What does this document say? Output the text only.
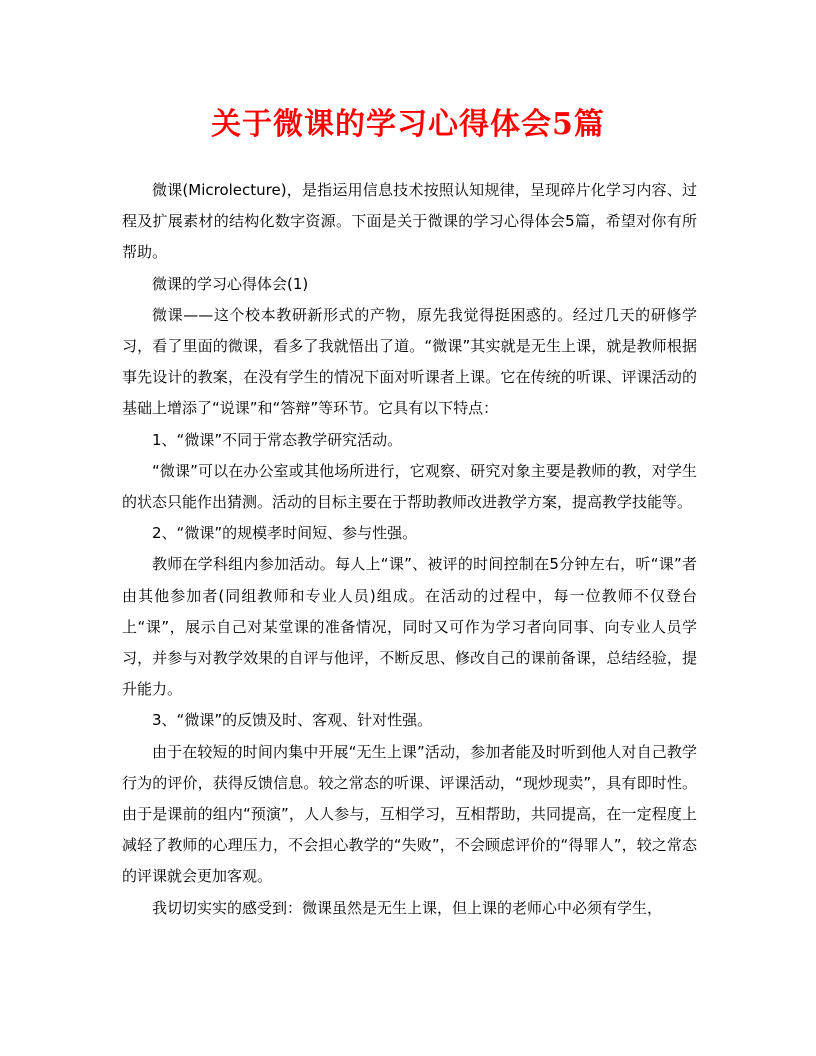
关于微课的学习心得体会5篇

微课(Microlecture)，是指运用信息技术按照认知规律，呈现碎片化学习内容、过程及扩展素材的结构化数字资源。下面是关于微课的学习心得体会5篇，希望对你有所帮助。

微课的学习心得体会(1)

微课——这个校本教研新形式的产物，原先我觉得挺困惑的。经过几天的研修学习，看了里面的微课，看多了我就悟出了道。“微课”其实就是无生上课，就是教师根据事先设计的教案，在没有学生的情况下面对听课者上课。它在传统的听课、评课活动的基础上增添了“说课”和“答辩”等环节。它具有以下特点：

1、“微课”不同于常态教学研究活动。

“微课”可以在办公室或其他场所进行，它观察、研究对象主要是教师的教，对学生的状态只能作出猜测。活动的目标主要在于帮助教师改进教学方案，提高教学技能等。

2、“微课”的规模孝时间短、参与性强。

教师在学科组内参加活动。每人上“课”、被评的时间控制在5分钟左右，听“课”者由其他参加者(同组教师和专业人员)组成。在活动的过程中，每一位教师不仅登台上“课”，展示自己对某堂课的准备情况，同时又可作为学习者向同事、向专业人员学习，并参与对教学效果的自评与他评，不断反思、修改自己的课前备课，总结经验，提升能力。

3、“微课”的反馈及时、客观、针对性强。

由于在较短的时间内集中开展“无生上课”活动，参加者能及时听到他人对自己教学行为的评价，获得反馈信息。较之常态的听课、评课活动，“现炒现卖”，具有即时性。由于是课前的组内“预演”，人人参与，互相学习，互相帮助，共同提高，在一定程度上减轻了教师的心理压力，不会担心教学的“失败”，不会顾虑评价的“得罪人”，较之常态的评课就会更加客观。

我切切实实的感受到：微课虽然是无生上课，但上课的老师心中必须有学生，
